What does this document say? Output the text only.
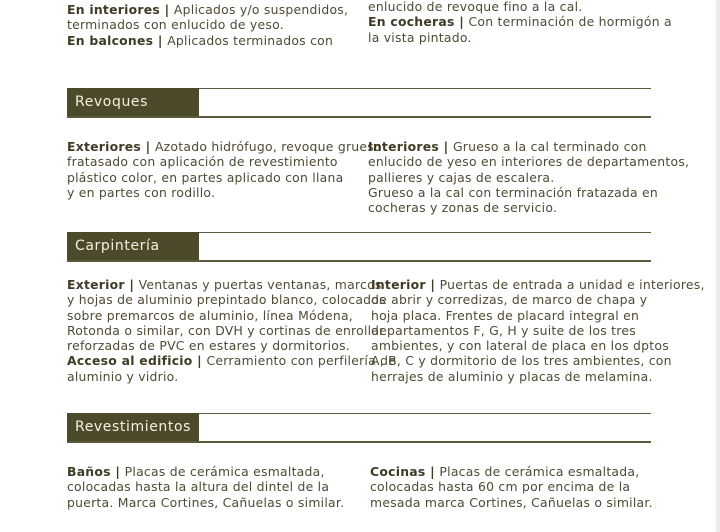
En interiores | Aplicados y/o suspendidos,

terminados con enlucido de yeso.

En balcones | Aplicados terminados con

enlucido de revoque fino a la cal.

En cocheras | Con terminación de hormigón a

la vista pintado.

Revoques

Exteriores | Azotado hidrófugo, revoque grueso

fratasado con aplicación de revestimiento

plástico color, en partes aplicado con llana

y en partes con rodillo.

Interiores | Grueso a la cal terminado con

enlucido de yeso en interiores de departamentos,

pallieres y cajas de escalera.

Grueso a la cal con terminación fratazada en

cocheras y zonas de servicio.

Carpintería

Exterior | Ventanas y puertas ventanas, marcos

y hojas de aluminio prepintado blanco, colocados

sobre premarcos de aluminio, línea Módena,

Rotonda o similar, con DVH y cortinas de enrollar

reforzadas de PVC en estares y dormitorios.

Acceso al edificio | Cerramiento con perfilería de

aluminio y vidrio.

Interior | Puertas de entrada a unidad e interiores,

de abrir y corredizas, de marco de chapa y

hoja placa. Frentes de placard integral en

departamentos F, G, H y suite de los tres

ambientes, y con lateral de placa en los dptos

A, B, C y dormitorio de los tres ambientes, con

herrajes de aluminio y placas de melamina.

Revestimientos

Baños | Placas de cerámica esmaltada,

colocadas hasta la altura del dintel de la

puerta. Marca Cortines, Cañuelas o similar.

Cocinas | Placas de cerámica esmaltada,

colocadas hasta 60 cm por encima de la

mesada marca Cortines, Cañuelas o similar.
